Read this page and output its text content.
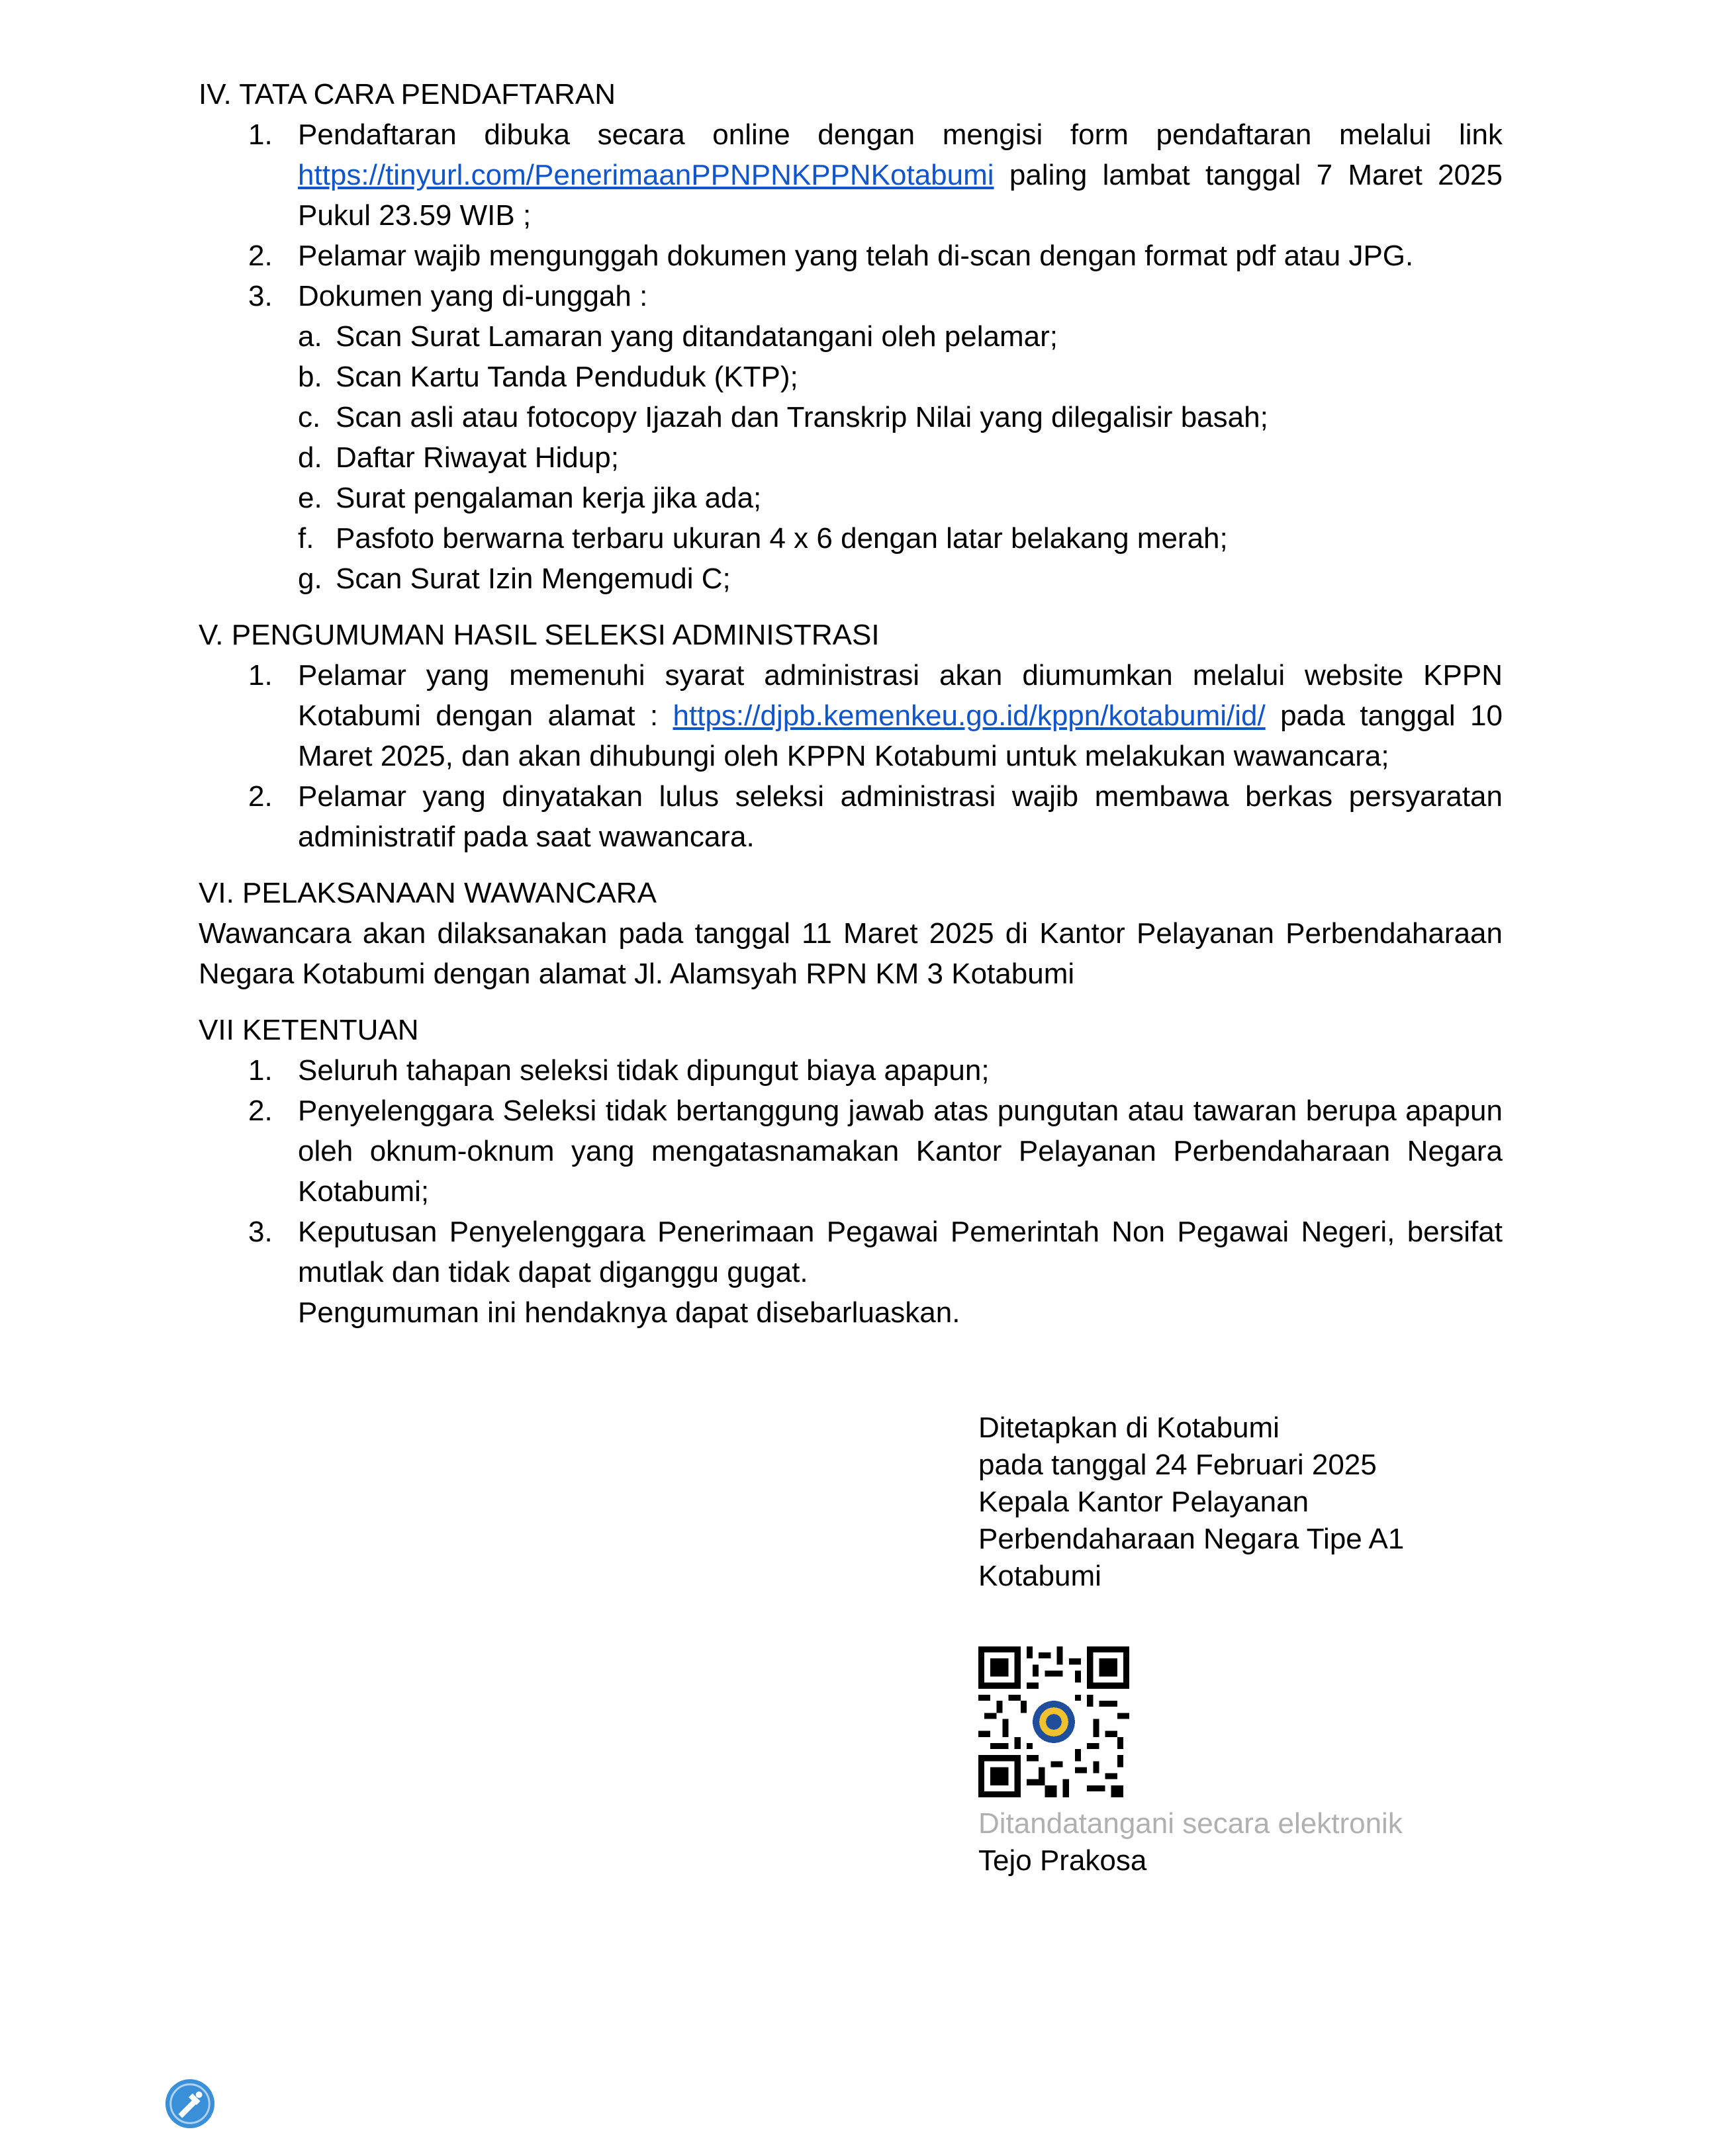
IV. TATA CARA PENDAFTARAN

1. Pendaftaran dibuka secara online dengan mengisi form pendaftaran melalui link https://tinyurl.com/PenerimaanPPNPNKPPNKotabumi paling lambat tanggal 7 Maret 2025 Pukul 23.59 WIB ;
2. Pelamar wajib mengunggah dokumen yang telah di-scan dengan format pdf atau JPG.
3. Dokumen yang di-unggah :
a. Scan Surat Lamaran yang ditandatangani oleh pelamar;
b. Scan Kartu Tanda Penduduk (KTP);
c. Scan asli atau fotocopy Ijazah dan Transkrip Nilai yang dilegalisir basah;
d. Daftar Riwayat Hidup;
e. Surat pengalaman kerja jika ada;
f. Pasfoto berwarna terbaru ukuran 4 x 6 dengan latar belakang merah;
g. Scan Surat Izin Mengemudi C;

V. PENGUMUMAN HASIL SELEKSI ADMINISTRASI

1. Pelamar yang memenuhi syarat administrasi akan diumumkan melalui website KPPN Kotabumi dengan alamat : https://djpb.kemenkeu.go.id/kppn/kotabumi/id/ pada tanggal 10 Maret 2025, dan akan dihubungi oleh KPPN Kotabumi untuk melakukan wawancara;
2. Pelamar yang dinyatakan lulus seleksi administrasi wajib membawa berkas persyaratan administratif pada saat wawancara.

VI. PELAKSANAAN WAWANCARA

Wawancara akan dilaksanakan pada tanggal 11 Maret 2025 di Kantor Pelayanan Perbendaharaan Negara Kotabumi dengan alamat Jl. Alamsyah RPN KM 3 Kotabumi

VII KETENTUAN

1. Seluruh tahapan seleksi tidak dipungut biaya apapun;
2. Penyelenggara Seleksi tidak bertanggung jawab atas pungutan atau tawaran berupa apapun oleh oknum-oknum yang mengatasnamakan Kantor Pelayanan Perbendaharaan Negara Kotabumi;
3. Keputusan Penyelenggara Penerimaan Pegawai Pemerintah Non Pegawai Negeri, bersifat mutlak dan tidak dapat diganggu gugat.

Pengumuman ini hendaknya dapat disebarluaskan.

Ditetapkan di Kotabumi

pada tanggal 24 Februari 2025

Kepala Kantor Pelayanan

Perbendaharaan Negara Tipe A1

Kotabumi

Ditandatangani secara elektronik

Tejo Prakosa
